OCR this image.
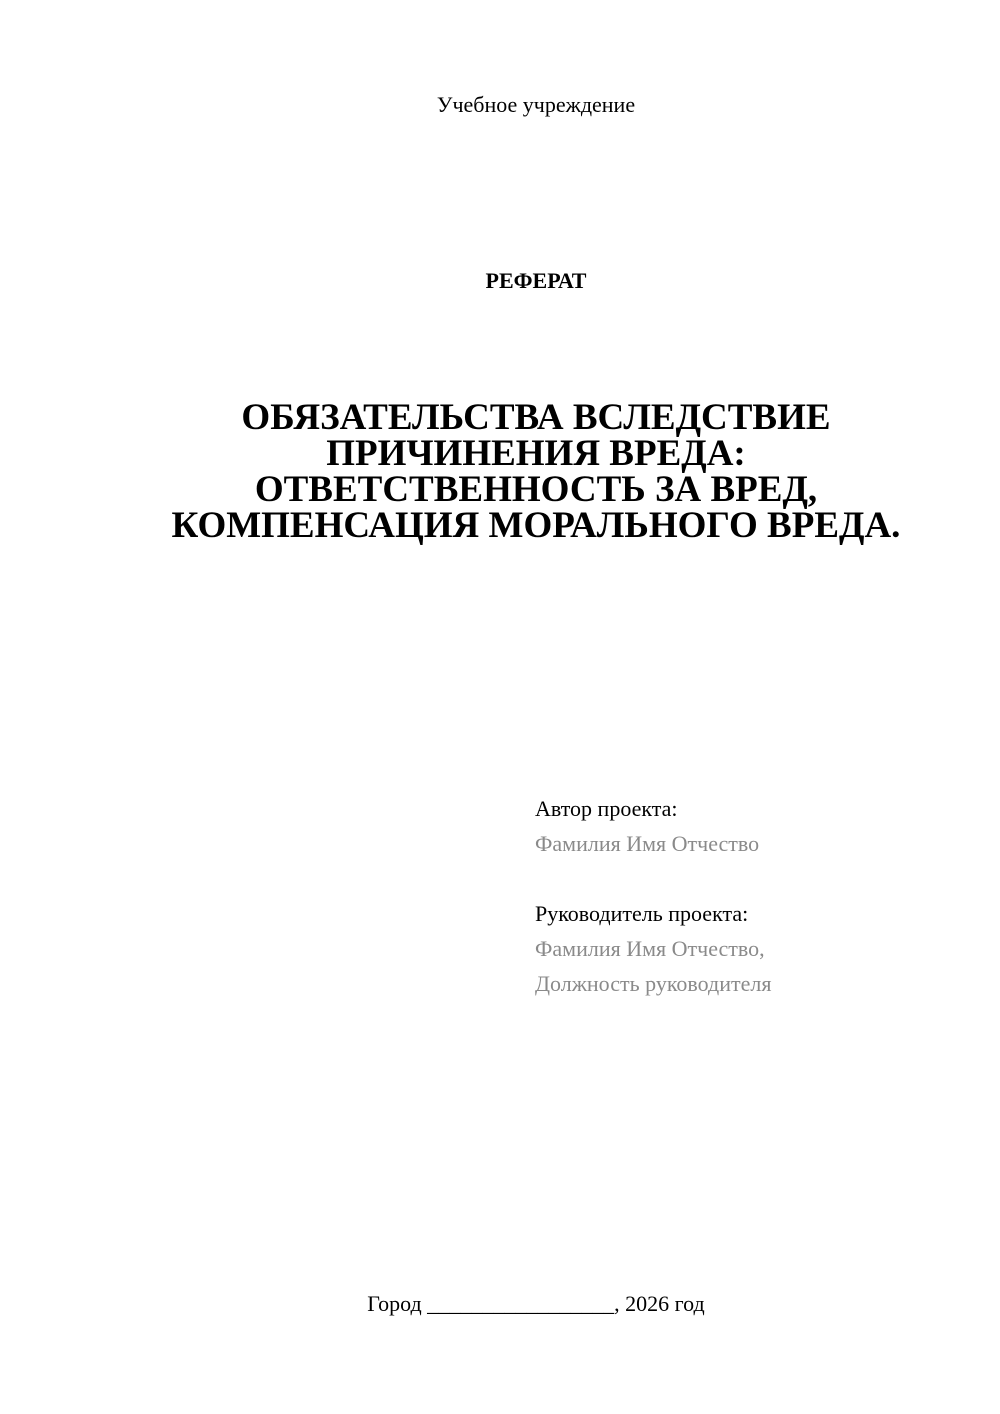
Учебное учреждение
РЕФЕРАТ
ОБЯЗАТЕЛЬСТВА ВСЛЕДСТВИЕ
ПРИЧИНЕНИЯ ВРЕДА:
ОТВЕТСТВЕННОСТЬ ЗА ВРЕД,
КОМПЕНСАЦИЯ МОРАЛЬНОГО ВРЕДА.
Автор проекта:
Фамилия Имя Отчество
Руководитель проекта:
Фамилия Имя Отчество,
Должность руководителя
Город _________________, 2026 год
